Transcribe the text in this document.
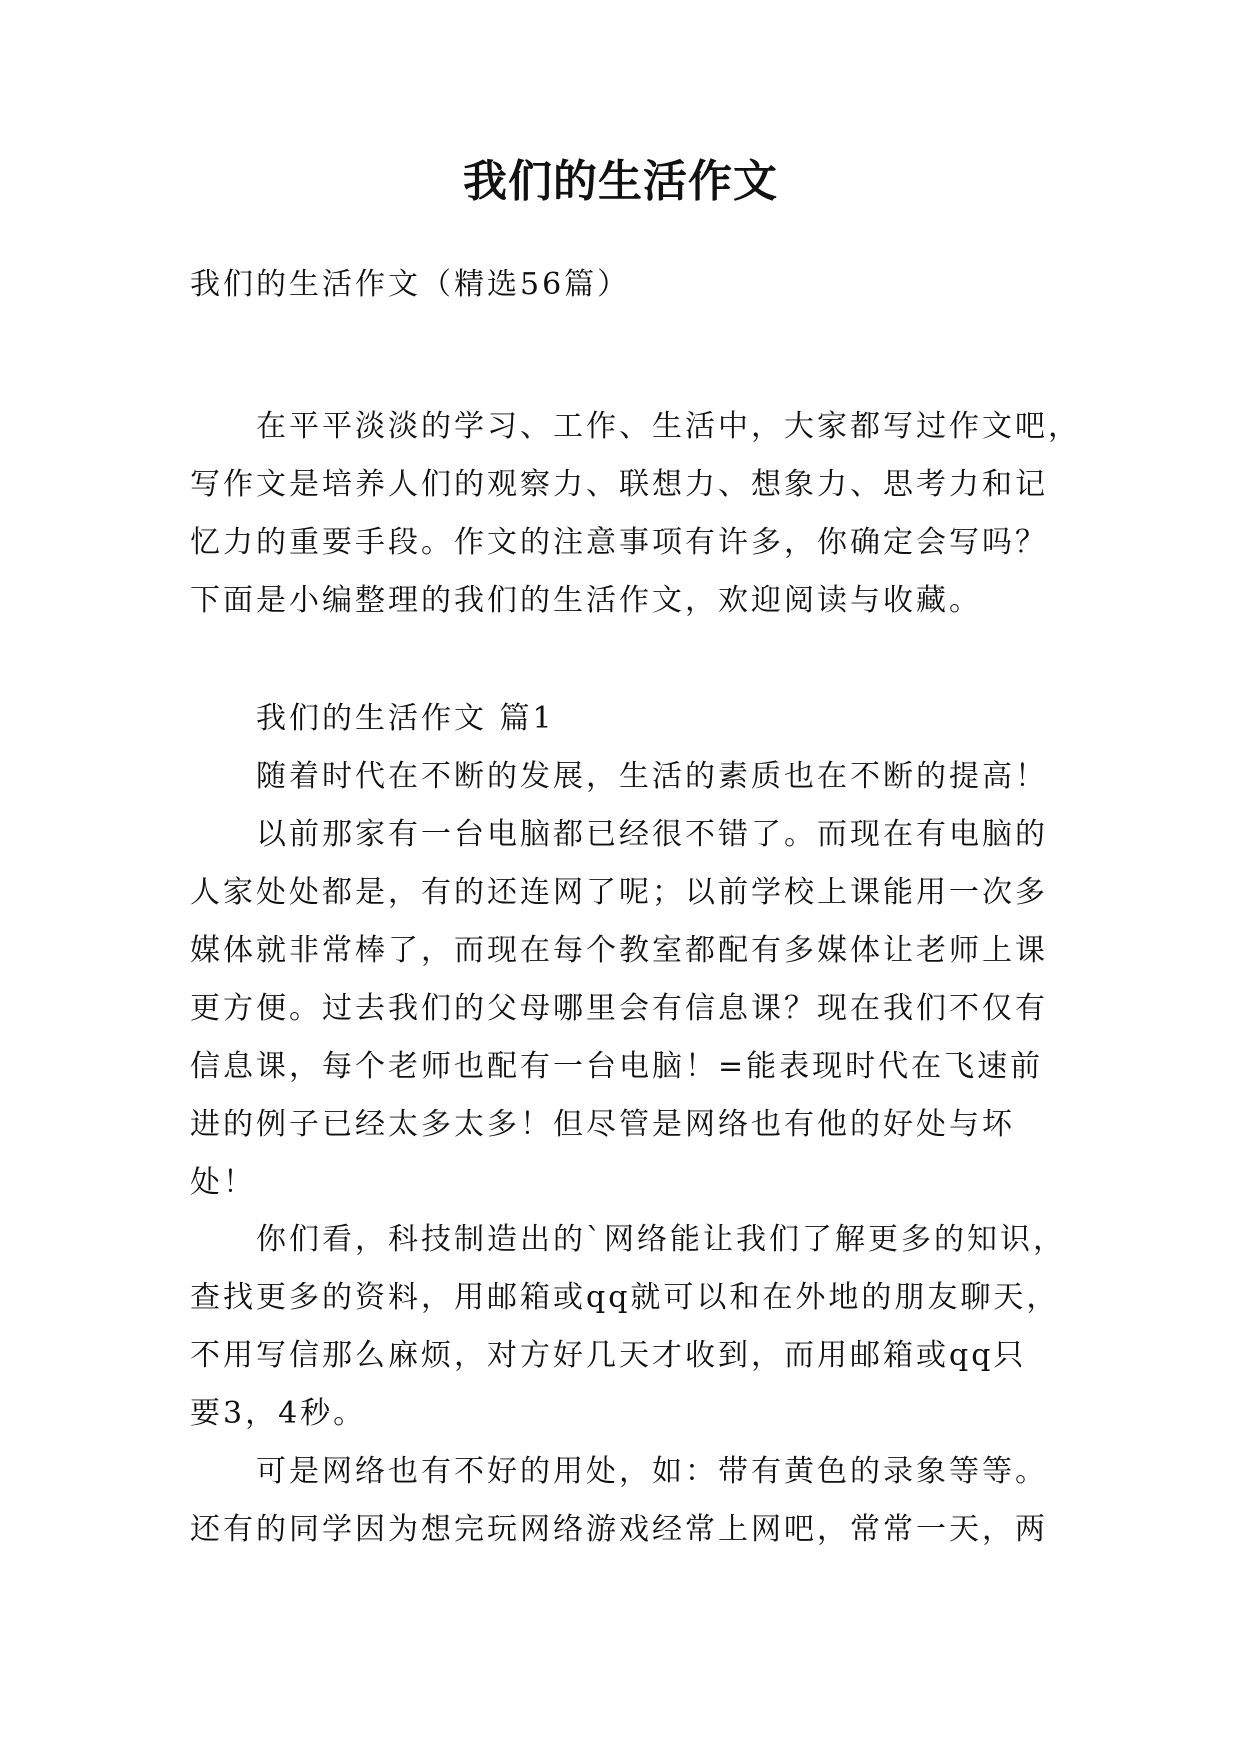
我们的生活作文

我们的生活作文（精选56篇）

在平平淡淡的学习、工作、生活中，大家都写过作文吧，
写作文是培养人们的观察力、联想力、想象力、思考力和记
忆力的重要手段。作文的注意事项有许多，你确定会写吗？
下面是小编整理的我们的生活作文，欢迎阅读与收藏。

我们的生活作文 篇1

随着时代在不断的发展，生活的素质也在不断的提高！
以前那家有一台电脑都已经很不错了。而现在有电脑的
人家处处都是，有的还连网了呢；以前学校上课能用一次多
媒体就非常棒了，而现在每个教室都配有多媒体让老师上课
更方便。过去我们的父母哪里会有信息课？现在我们不仅有
信息课，每个老师也配有一台电脑！=能表现时代在飞速前
进的例子已经太多太多！但尽管是网络也有他的好处与坏
处！
你们看，科技制造出的`网络能让我们了解更多的知识，
查找更多的资料，用邮箱或qq就可以和在外地的朋友聊天，
不用写信那么麻烦，对方好几天才收到，而用邮箱或qq只
要3，4秒。
可是网络也有不好的用处，如：带有黄色的录象等等。
还有的同学因为想完玩网络游戏经常上网吧，常常一天，两
